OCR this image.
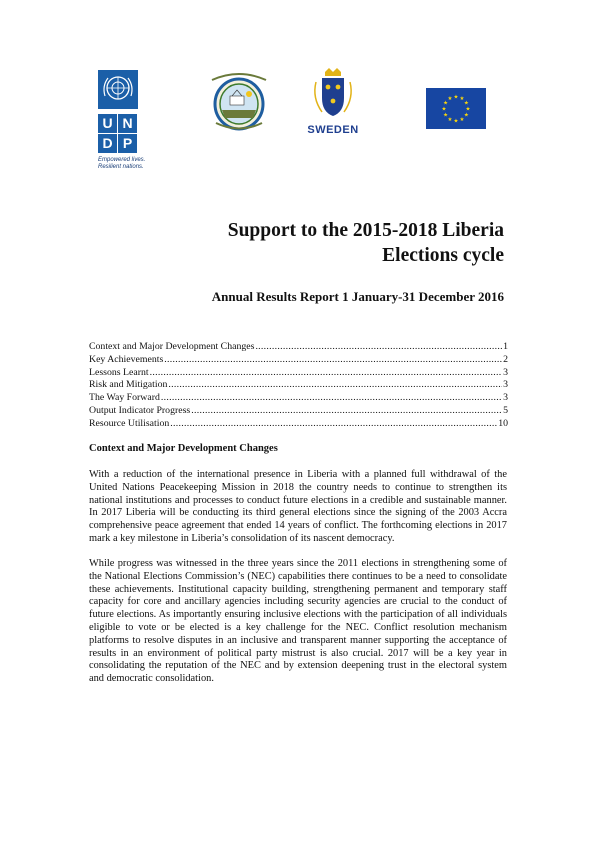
U N
D P
Empowered lives.
Resilient nations.
SWEDEN
★ ★
★
★
★
★
★
★
★
★
★
★
Support to the 2015-2018 Liberia
Elections cycle
Annual Results Report 1 January-31 December 2016
Context and Major Development Changes .....	1
Key Achievements .....	2
Lessons Learnt .....	3
Risk and Mitigation .....	3
The Way Forward .....	3
Output Indicator Progress .....	5
Resource Utilisation .....	10
Context and Major Development Changes
With a reduction of the international presence in Liberia with a planned full withdrawal of the United Nations Peacekeeping Mission in 2018 the country needs to continue to strengthen its national institutions and processes to conduct future elections in a credible and sustainable manner. In 2017 Liberia will be conducting its third general elections since the signing of the 2003 Accra comprehensive peace agreement that ended 14 years of conflict. The forthcoming elections in 2017 mark a key milestone in Liberia’s consolidation of its nascent democracy.
While progress was witnessed in the three years since the 2011 elections in strengthening some of the National Elections Commission’s (NEC) capabilities there continues to be a need to consolidate these achievements. Institutional capacity building, strengthening permanent and temporary staff capacity for core and ancillary agencies including security agencies are crucial to the conduct of future elections. As importantly ensuring inclusive elections with the participation of all individuals eligible to vote or be elected is a key challenge for the NEC. Conflict resolution mechanism platforms to resolve disputes in an inclusive and transparent manner supporting the acceptance of results in an environment of political party mistrust is also crucial. 2017 will be a key year in consolidating the reputation of the NEC and by extension deepening trust in the electoral system and democratic consolidation.
